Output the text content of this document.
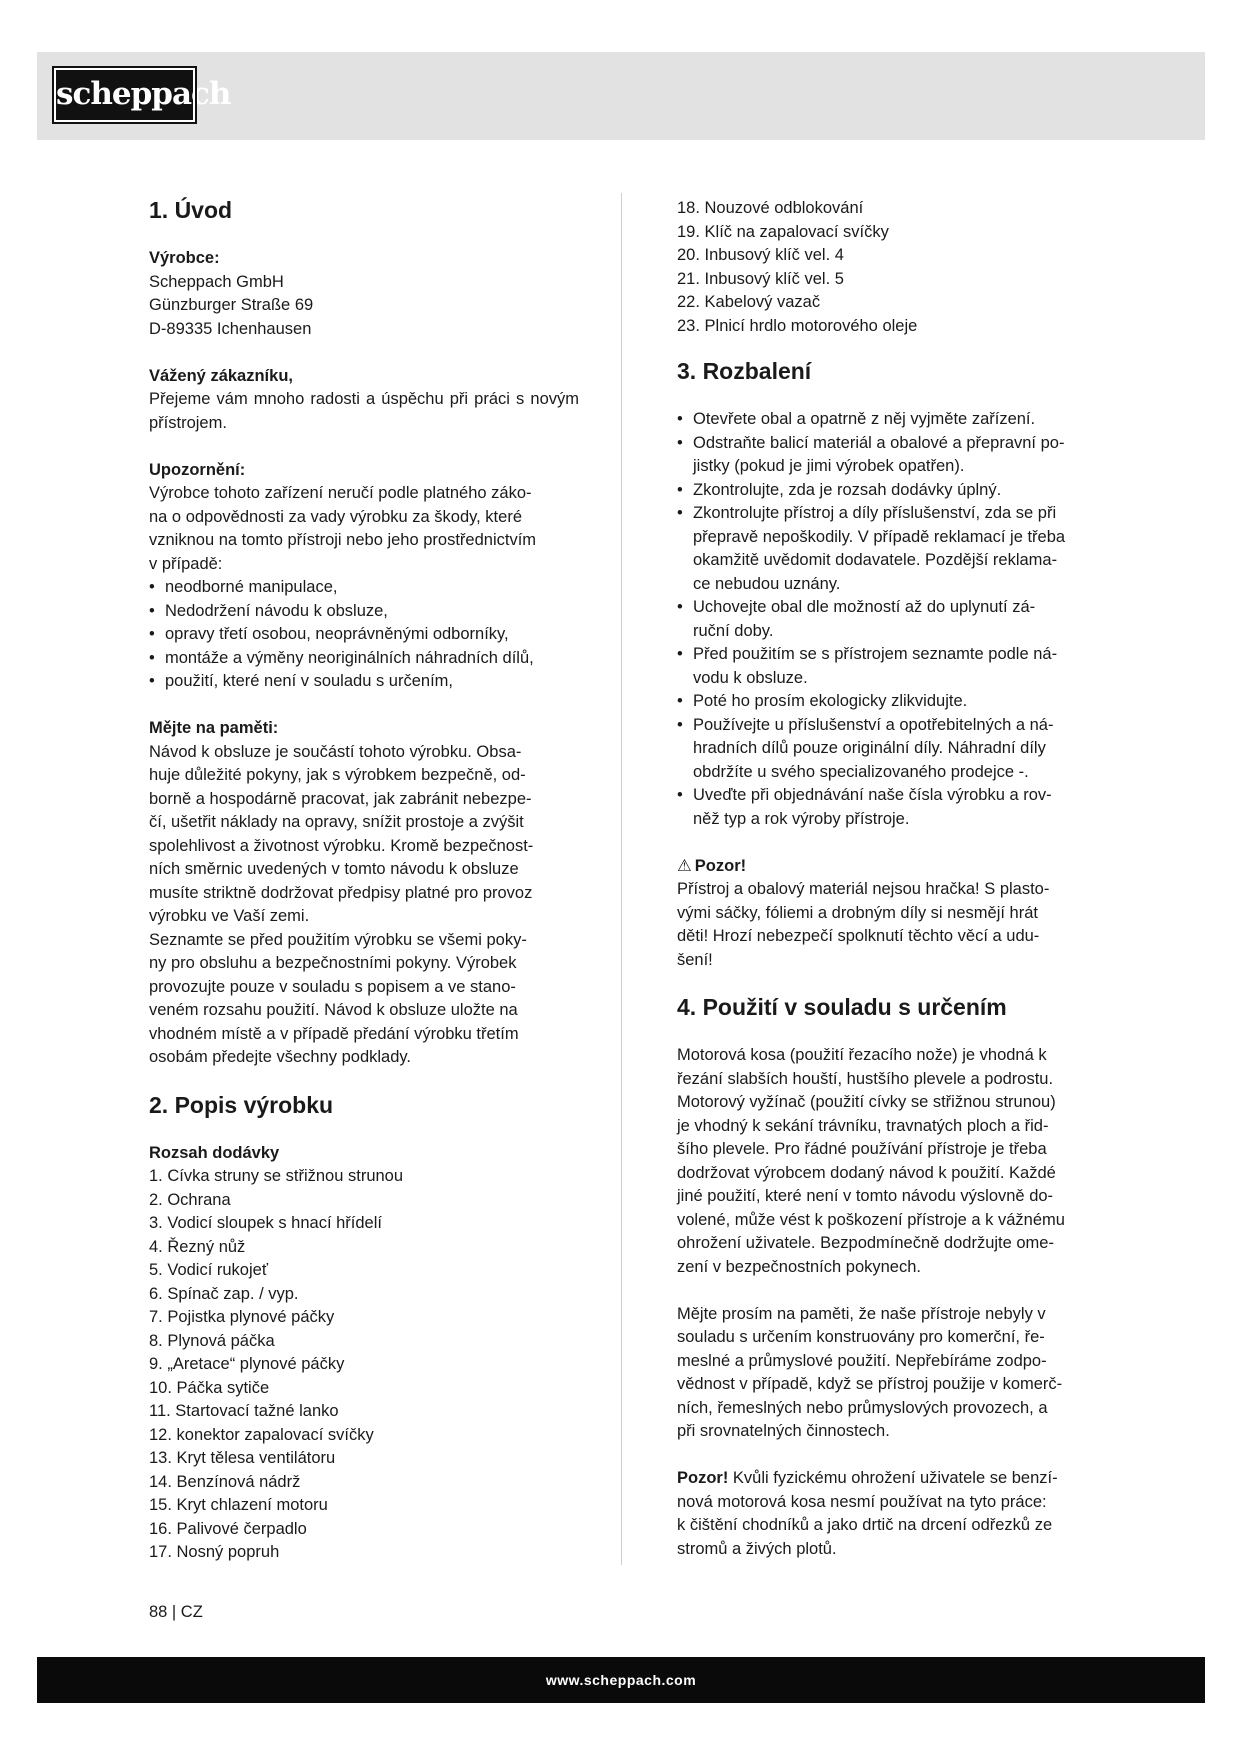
scheppach
1. Úvod

Výrobce:

Scheppach GmbH

Günzburger Straße 69

D-89335 Ichenhausen

Vážený zákazníku,

Přejeme vám mnoho radosti a úspěchu při práci s novým přístrojem.

Upozornění:

Výrobce tohoto zařízení neručí podle platného záko-

na o odpovědnosti za vady výrobku za škody, které

vzniknou na tomto přístroji nebo jeho prostřednictvím

v případě:

• neodborné manipulace,
• Nedodržení návodu k obsluze,
• opravy třetí osobou, neoprávněnými odborníky,
• montáže a výměny neoriginálních náhradních dílů,
• použití, které není v souladu s určením,

Mějte na paměti:

Návod k obsluze je součástí tohoto výrobku. Obsa-

huje důležité pokyny, jak s výrobkem bezpečně, od-

borně a hospodárně pracovat, jak zabránit nebezpe-

čí, ušetřit náklady na opravy, snížit prostoje a zvýšit

spolehlivost a životnost výrobku. Kromě bezpečnost-

ních směrnic uvedených v tomto návodu k obsluze

musíte striktně dodržovat předpisy platné pro provoz

výrobku ve Vaší zemi.

Seznamte se před použitím výrobku se všemi poky-

ny pro obsluhu a bezpečnostními pokyny. Výrobek

provozujte pouze v souladu s popisem a ve stano-

veném rozsahu použití. Návod k obsluze uložte na

vhodném místě a v případě předání výrobku třetím

osobám předejte všechny podklady.

2. Popis výrobku

Rozsah dodávky

1. Cívka struny se střižnou strunou
2. Ochrana
3. Vodicí sloupek s hnací hřídelí
4. Řezný nůž
5. Vodicí rukojeť
6. Spínač zap. / vyp.
7. Pojistka plynové páčky
8. Plynová páčka
9. „Aretace“ plynové páčky
10. Páčka sytiče
11. Startovací tažné lanko
12. konektor zapalovací svíčky
13. Kryt tělesa ventilátoru
14. Benzínová nádrž
15. Kryt chlazení motoru
16. Palivové čerpadlo
17. Nosný popruh
18. Nouzové odblokování
19. Klíč na zapalovací svíčky
20. Inbusový klíč vel. 4
21. Inbusový klíč vel. 5
22. Kabelový vazač
23. Plnicí hrdlo motorového oleje
3. Rozbalení
• Otevřete obal a opatrně z něj vyjměte zařízení.
• Odstraňte balicí materiál a obalové a přepravní po-
jistky (pokud je jimi výrobek opatřen).
• Zkontrolujte, zda je rozsah dodávky úplný.
• Zkontrolujte přístroj a díly příslušenství, zda se při
přepravě nepoškodily. V případě reklamací je třeba
okamžitě uvědomit dodavatele. Pozdější reklama-
ce nebudou uznány.
• Uchovejte obal dle možností až do uplynutí zá-
ruční doby.
• Před použitím se s přístrojem seznamte podle ná-
vodu k obsluze.
• Poté ho prosím ekologicky zlikvidujte.
• Používejte u příslušenství a opotřebitelných a ná-
hradních dílů pouze originální díly. Náhradní díly
obdržíte u svého specializovaného prodejce -.
• Uveďte při objednávání naše čísla výrobku a rov-
něž typ a rok výroby přístroje.

⚠ Pozor!

Přístroj a obalový materiál nejsou hračka! S plasto-

vými sáčky, fóliemi a drobným díly si nesmějí hrát

děti! Hrozí nebezpečí spolknutí těchto věcí a udu-

šení!

4. Použití v souladu s určením

Motorová kosa (použití řezacího nože) je vhodná k

řezání slabších houští, hustšího plevele a podrostu.

Motorový vyžínač (použití cívky se střižnou strunou)

je vhodný k sekání trávníku, travnatých ploch a řid-

šího plevele. Pro řádné používání přístroje je třeba

dodržovat výrobcem dodaný návod k použití. Každé

jiné použití, které není v tomto návodu výslovně do-

volené, může vést k poškození přístroje a k vážnému

ohrožení uživatele. Bezpodmínečně dodržujte ome-

zení v bezpečnostních pokynech.

Mějte prosím na paměti, že naše přístroje nebyly v

souladu s určením konstruovány pro komerční, ře-

meslné a průmyslové použití. Nepřebíráme zodpo-

vědnost v případě, když se přístroj použije v komerč-

ních, řemeslných nebo průmyslových provozech, a

při srovnatelných činnostech.

Pozor! Kvůli fyzickému ohrožení uživatele se benzí-

nová motorová kosa nesmí používat na tyto práce:

k čištění chodníků a jako drtič na drcení odřezků ze

stromů a živých plotů.

88 | CZ
www.scheppach.com
